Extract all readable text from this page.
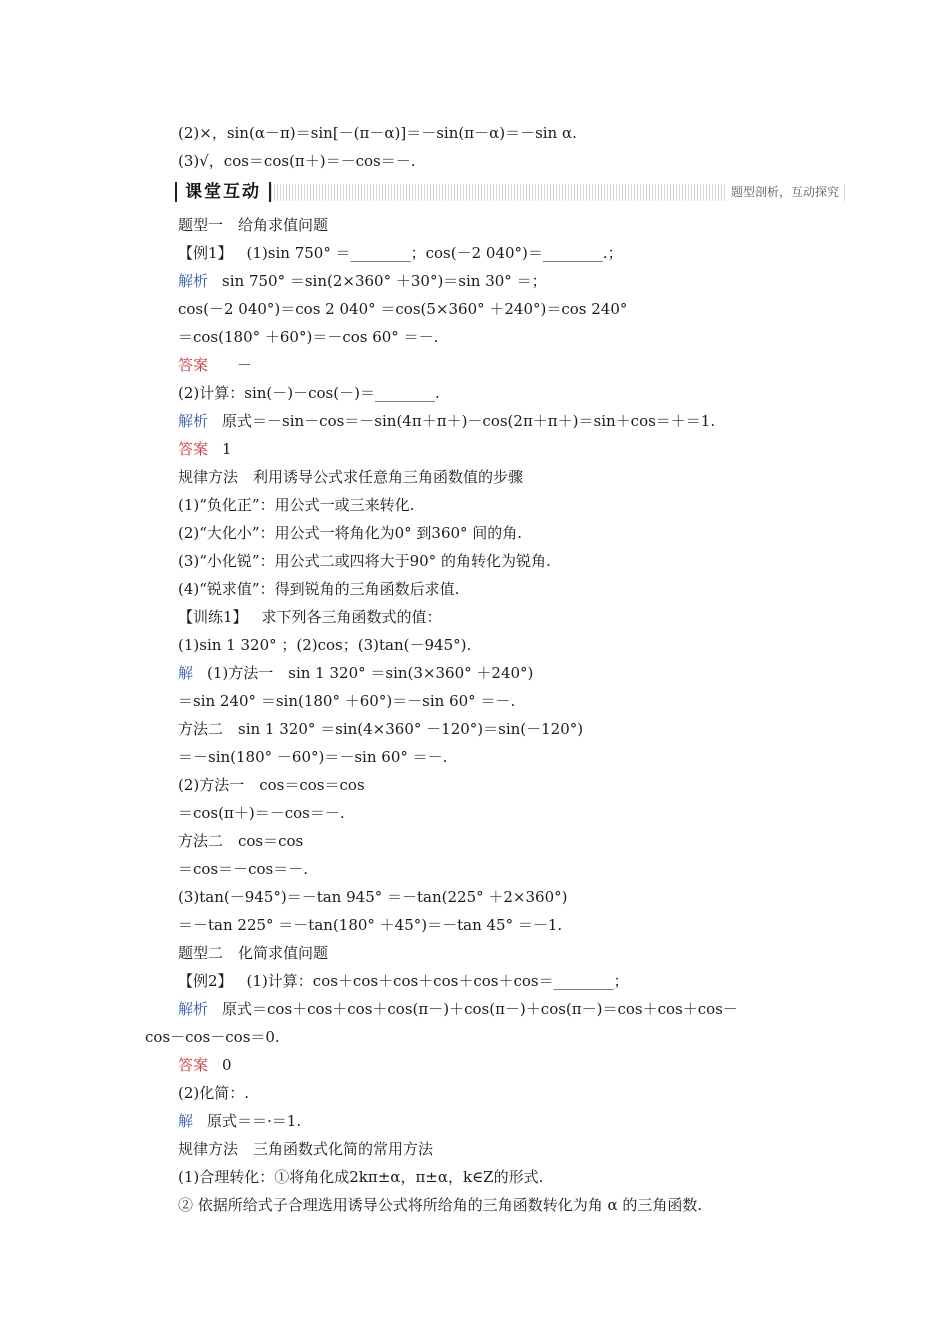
(2)×，sin(α－π)＝sin[－(π－α)]＝－sin(π－α)＝－sin α.
(3)√，cos＝cos(π＋)＝－cos＝－.
课堂互动	题型剖析，互动探究
题型一　给角求值问题
【例1】 (1)sin 750° ＝________；cos(－2 040°)＝________.；
解析 sin 750° ＝sin(2×360° ＋30°)＝sin 30° ＝；
cos(－2 040°)＝cos 2 040° ＝cos(5×360° ＋240°)＝cos 240°
＝cos(180° ＋60°)＝－cos 60° ＝－.
答案　－
(2)计算：sin(－)－cos(－)＝________.
解析 原式＝－sin－cos＝－sin(4π＋π＋)－cos(2π＋π＋)＝sin＋cos＝＋＝1.
答案 1
规律方法　利用诱导公式求任意角三角函数值的步骤
(1)“负化正”：用公式一或三来转化.
(2)“大化小”：用公式一将角化为0° 到360° 间的角.
(3)“小化锐”：用公式二或四将大于90° 的角转化为锐角.
(4)“锐求值”：得到锐角的三角函数后求值.
【训练1】 求下列各三角函数式的值：
(1)sin 1 320° ；(2)cos；(3)tan(－945°).
解 (1)方法一　sin 1 320° ＝sin(3×360° ＋240°)
＝sin 240° ＝sin(180° ＋60°)＝－sin 60° ＝－.
方法二　sin 1 320° ＝sin(4×360° －120°)＝sin(－120°)
＝－sin(180° －60°)＝－sin 60° ＝－.
(2)方法一　cos＝cos＝cos
＝cos(π＋)＝－cos＝－.
方法二　cos＝cos
＝cos＝－cos＝－.
(3)tan(－945°)＝－tan 945° ＝－tan(225° ＋2×360°)
＝－tan 225° ＝－tan(180° ＋45°)＝－tan 45° ＝－1.
题型二　化简求值问题
【例2】 (1)计算：cos＋cos＋cos＋cos＋cos＋cos＝________；
解析 原式＝cos＋cos＋cos＋cos(π－)＋cos(π－)＋cos(π－)＝cos＋cos＋cos－
cos－cos－cos＝0.
答案 0
(2)化简：.
解 原式＝＝·＝1.
规律方法　三角函数式化简的常用方法
(1)合理转化：①将角化成2kπ±α，π±α，k∈Z的形式.
② 依据所给式子合理选用诱导公式将所给角的三角函数转化为角 α 的三角函数.
